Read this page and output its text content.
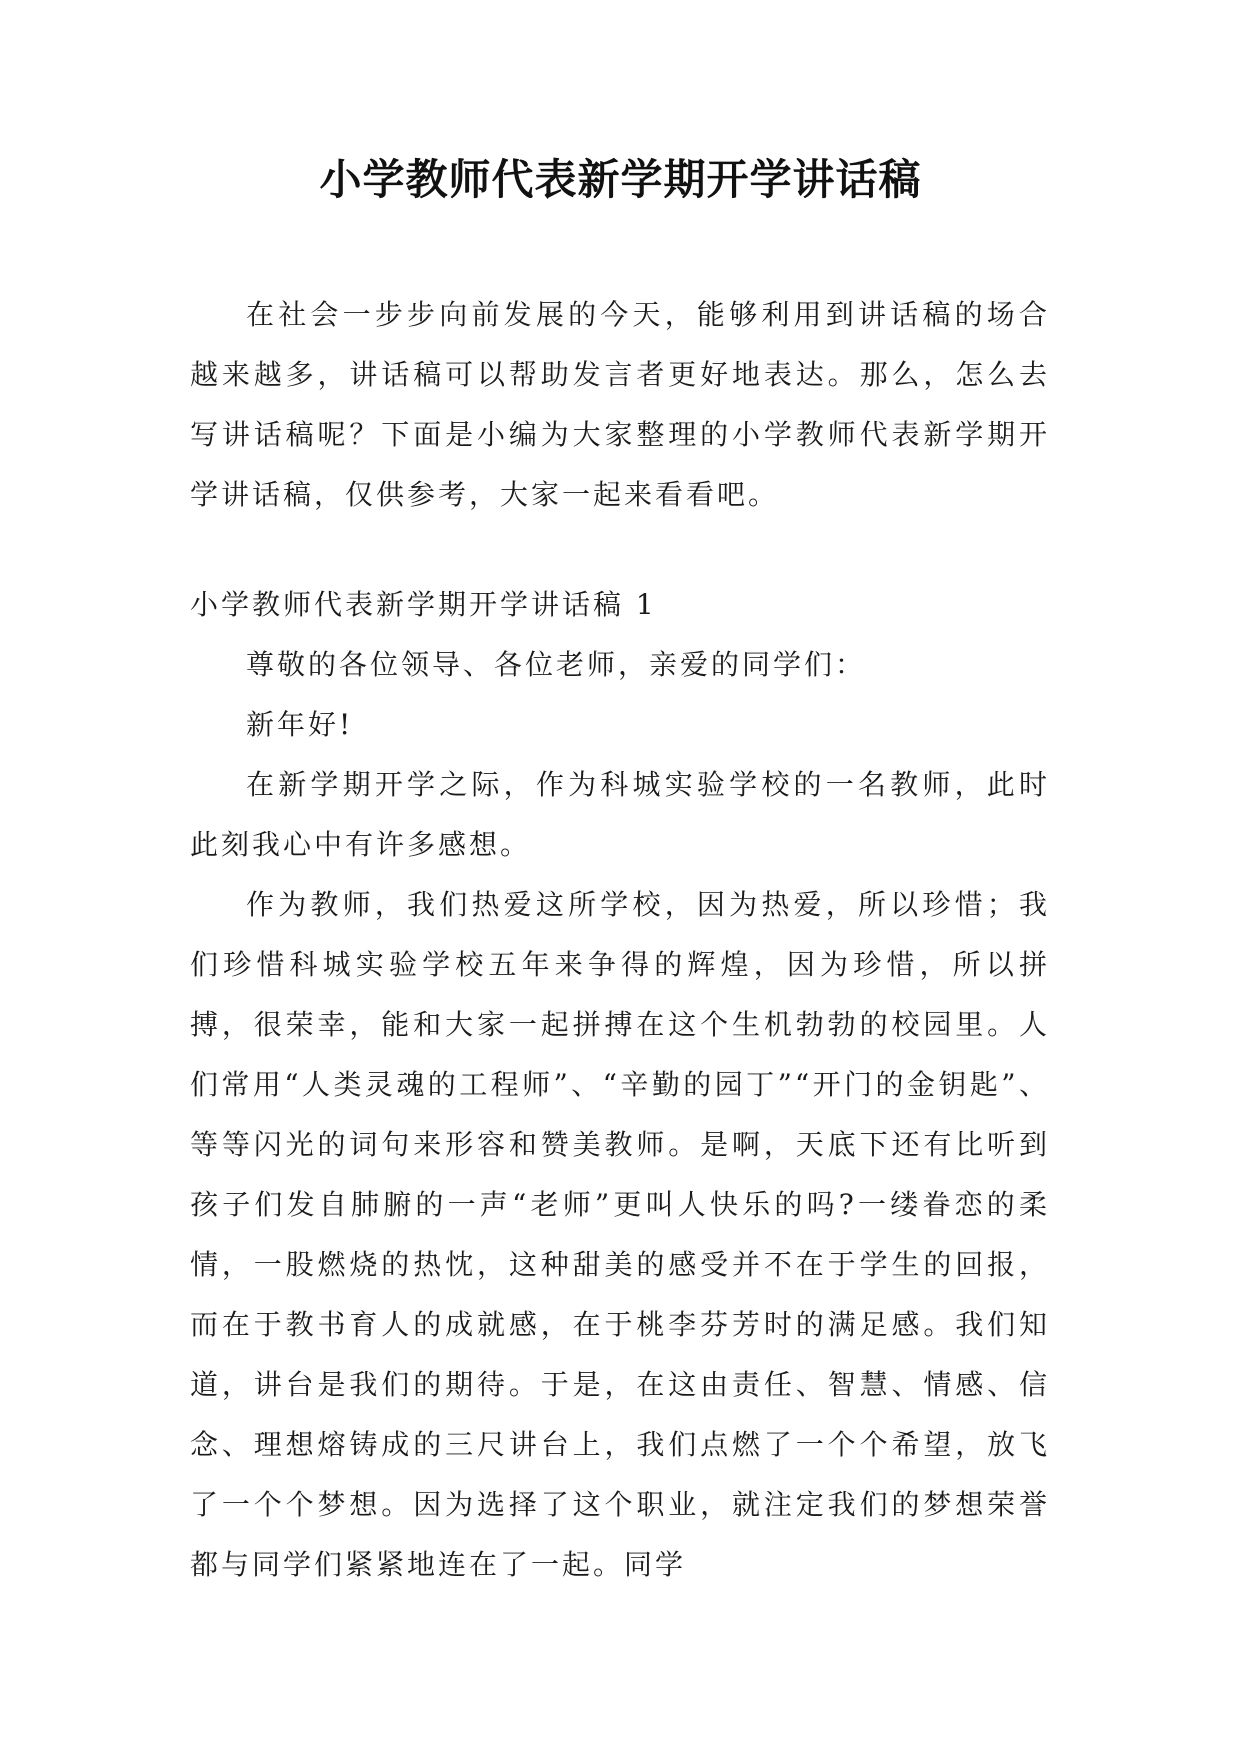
小学教师代表新学期开学讲话稿

在社会一步步向前发展的今天，能够利用到讲话稿的场合越来越多，讲话稿可以帮助发言者更好地表达。那么，怎么去写讲话稿呢？下面是小编为大家整理的小学教师代表新学期开学讲话稿，仅供参考，大家一起来看看吧。

小学教师代表新学期开学讲话稿 1

尊敬的各位领导、各位老师，亲爱的同学们：

新年好!

在新学期开学之际，作为科城实验学校的一名教师，此时此刻我心中有许多感想。

作为教师，我们热爱这所学校，因为热爱，所以珍惜；我们珍惜科城实验学校五年来争得的辉煌，因为珍惜，所以拼搏，很荣幸，能和大家一起拼搏在这个生机勃勃的校园里。人们常用“人类灵魂的工程师”、“辛勤的园丁”“开门的金钥匙”、等等闪光的词句来形容和赞美教师。是啊，天底下还有比听到孩子们发自肺腑的一声“老师”更叫人快乐的吗?一缕眷恋的柔情，一股燃烧的热忱，这种甜美的感受并不在于学生的回报，而在于教书育人的成就感，在于桃李芬芳时的满足感。我们知道，讲台是我们的期待。于是，在这由责任、智慧、情感、信念、理想熔铸成的三尺讲台上，我们点燃了一个个希望，放飞了一个个梦想。因为选择了这个职业，就注定我们的梦想荣誉都与同学们紧紧地连在了一起。同学
